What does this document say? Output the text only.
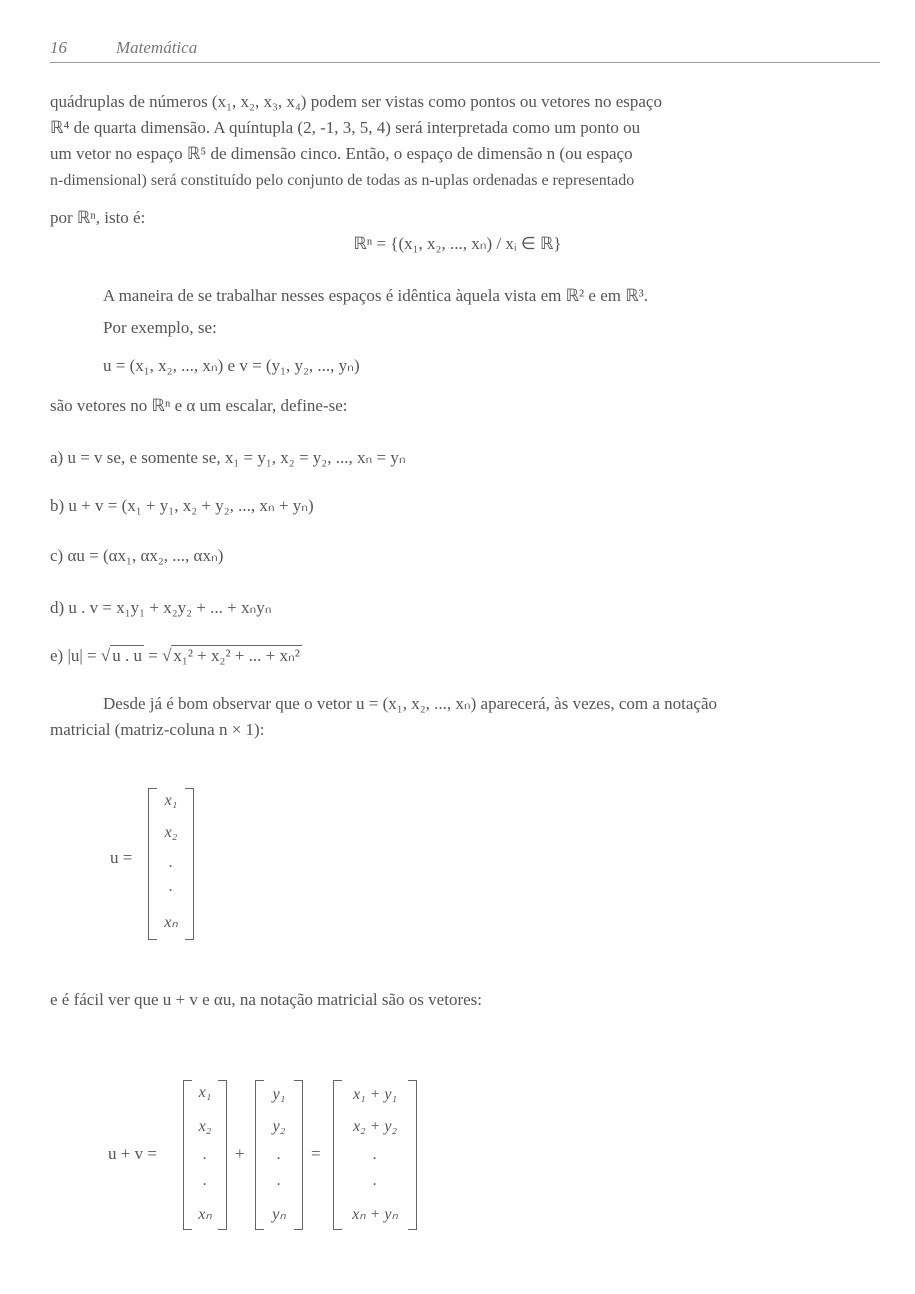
16	Matemática
quádruplas de números (x₁, x₂, x₃, x₄) podem ser vistas como pontos ou vetores no espaço
ℝ⁴ de quarta dimensão. A quíntupla (2, -1, 3, 5, 4) será interpretada como um ponto ou
um vetor no espaço ℝ⁵ de dimensão cinco. Então, o espaço de dimensão n (ou espaço
n-dimensional) será constituído pelo conjunto de todas as n-uplas ordenadas e representado
por ℝⁿ, isto é:
ℝⁿ = {(x₁, x₂, ..., xₙ) / xᵢ ∈ ℝ}
A maneira de se trabalhar nesses espaços é idêntica àquela vista em ℝ² e em ℝ³.
Por exemplo, se:
u = (x₁, x₂, ..., xₙ) e v = (y₁, y₂, ..., yₙ)
são vetores no ℝⁿ e α um escalar, define-se:
a) u = v se, e somente se, x₁ = y₁, x₂ = y₂, ..., xₙ = yₙ
b) u + v = (x₁ + y₁, x₂ + y₂, ..., xₙ + yₙ)
c) αu = (αx₁, αx₂, ..., αxₙ)
d) u . v = x₁y₁ + x₂y₂ + ... + xₙyₙ
e) |u| = √ u . u = √ x₁² + x₂² + ... + xₙ²
Desde já é bom observar que o vetor u = (x₁, x₂, ..., xₙ) aparecerá, às vezes, com a notação
matricial (matriz-coluna n × 1):
u =
x₁
x₂
.
.
xₙ
e é fácil ver que u + v e αu, na notação matricial são os vetores:
u + v =
x₁
x₂
.
.
xₙ
+
y₁
y₂
.
.
yₙ
=
x₁ + y₁
x₂ + y₂
.
.
xₙ + yₙ
